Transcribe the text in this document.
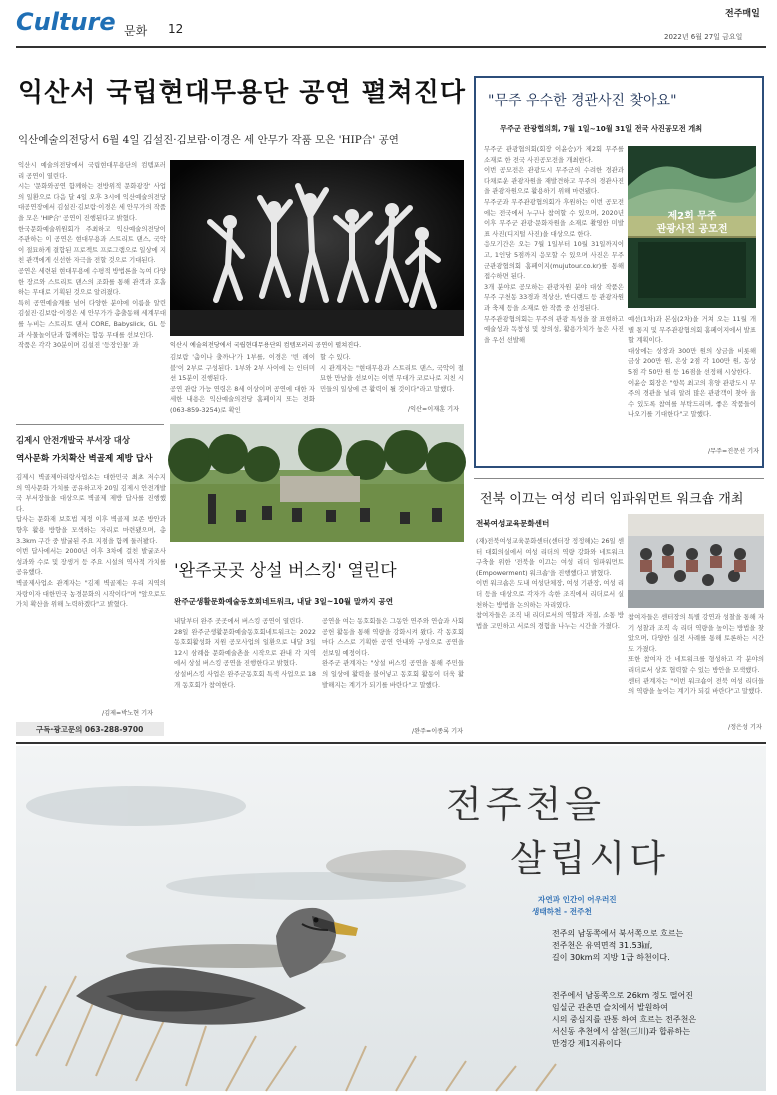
Culture 문화 12
전주매일
2022년 6월 27일 금요일
익산서 국립현대무용단 공연 펼쳐진다
익산예술의전당서 6월 4일 김설진·김보람·이경은 세 안무가 작품 모은 'HIP合' 공연
익산시 예술의전당에서 국립현대무용단의 컴템포러리 공연이 열린다.
시는 '문화와공연 함께하는 전방위적 문화광장' 사업의 일환으로 다음 달 4일 오후 3시에 익산예술의전당 대공연장에서 김설진·김보람·이경은 세 안무가의 작품을 모은 'HIP合' 공연이 진행된다고 밝혔다.
한국문화예술위원회가 주최하고 익산예술의전당이 주관하는 이 공연은 현대무용과 스트리트 댄스, 국악이 절묘하게 결합된 프로젝트 프로그램으로 일상에 지친 관객에게 신선한 자극을 전할 것으로 기대된다.
공연은 세련된 현대무용에 수평적 방법론을 녹여 다양한 장르와 스트리트 댄스의 조화를 통해 관객과 호흡하는 무대로 기획된 것으로 알려졌다.
특히 공연예술계를 넘어 다양한 분야에 이름을 알린 김설진·김보람·이경은 세 안무가가 총출동해 세계무대를 누비는 스트리트 댄서 CORE, Babyslick, GL 등과 사물놀이단과 함께하는 합동 무대를 선보인다.
작품은 각각 30분이며 김설진 '등장인물' 과	익산시 예술의전당에서 국립현대무용단의 컴템포러리 공연이 펼쳐진다.
김보람 '춤이나 출까나'가 1부를, 이경은 '빈 레이블'이 2부로 구성된다. 1부와 2부 사이에 는 인터미션 15분이 진행된다.
공연 관람 가능 연령은 8세 이상이며 공연에 대한 자세한 내용은 익산예술의전당 홈페이지 또는 전화(063-859-3254)로 확인
할 수 있다.
시 관계자는 "현대무용과 스트리트 댄스, 국악이 절묘한 만남을 선보이는 이번 무대가 코로나로 지친 시민들의 일상에 큰 활력이 될 것이다"라고 말했다.
/익산=이재훈 기자
김제시 안전개발국 부서장 대상
역사문화 가치확산 벽골제 제방 답사
김제시 벽골제아리랑사업소는 대한민국 최초 저수지의 역사문화 가치를 공유하고자 20일 김제시 안전개발국 부서장들을 대상으로 벽골제 제방 답사를 진행했다.
답사는 문화재 보호법 제정 이후 벽골제 보존 방안과 향후 활용 방향을 모색하는 자리로 마련됐으며, 총 3.3km 구간 중 발굴된 주요 지점을 함께 둘러봤다.
이번 답사에서는 2000년 이후 3차에 걸친 발굴조사 성과와 수로 및 장생거 등 주요 시설의 역사적 가치를 공유했다.
벽골제사업소 관계자는 "김제 벽골제는 우리 지역의 자랑이자 대한민국 농경문화의 시작이다"며 "앞으로도 가치 확산을 위해 노력하겠다"고 밝혔다.
/김제=박노현 기자
구독·광고문의 063-288-9700
'완주곳곳 상설 버스킹' 열린다
완주군생활문화예술동호회네트워크, 내달 3일~10월 말까지 공연
내달부터 완주 곳곳에서 버스킹 공연이 열린다.
28일 완주군생활문화예술동호회네트워크는 2022 동호회활성화 지원 공모사업의 일환으로 내달 3일 12시 삼례읍 문화예술촌을 시작으로 관내 각 지역에서 상설 버스킹 공연을 진행한다고 밝혔다.
상설버스킹 사업은 완주군동호회 특색 사업으로 18개 동호회가 참여한다.
공연을 여는 동호회들은 그동안 연주와 연습과 사회공헌 활동을 통해 역량을 강화시켜 왔다. 각 동호회마다 스스로 기획한 공연 안내와 구성으로 공연을 선보일 예정이다.
완주군 관계자는 "상설 버스킹 공연을 통해 주민들의 일상에 활력을 불어넣고 동호회 활동이 더욱 활발해지는 계기가 되기를 바란다"고 말했다.
/완주=이종록 기자
"무주 우수한 경관사진 찾아요"
무주군 관광협의회, 7월 1일~10월 31일 전국 사진공모전 개최
무주군 관광협의회(회장 이윤승)가 제2회 무주를 소재로 한 전국 사진공모전을 개최한다.
이번 공모전은 관광도시 무주군의 수려한 경관과 다채로운 관광자원을 재발견하고 무주의 경관사진을 관광자원으로 활용하기 위해 마련됐다.
무주군과 무주관광협의회가 후원하는 이번 공모전에는 전국에서 누구나 참여할 수 있으며, 2020년 이후 무주군 관광·문화자원을 소재로 촬영한 미발표 사진(디지털 사진)을 대상으로 한다.
응모기간은 오는 7월 1일부터 10월 31일까지이고, 1인당 5점까지 응모할 수 있으며 사진은 무주군관광협의회 홈페이지(mujutour.co.kr)를 통해 접수하면 된다.
3개 분야로 공모하는 관광자원 분야 대상 작품은 무주 구천동 33경과 적상산, 반디랜드 등 관광자원과 축제 등을 소재로 한 작품 중 선정된다.
무주관광협의회는 무주의 관광 특성을 잘 표현하고 예술성과 독창성 및 창의성, 활용가치가 높은 사진을 우선 선발해
제2회 무주
관광사진 공모전
예선(1차)과 본심(2차)을 거쳐 오는 11월 개별 통지 및 무주관광협의회 홈페이지에서 발표할 계획이다.
대상에는 상장과 300만 원의 상금을 비롯해 금상 200만 원, 은상 2점 각 100만 원, 동상 5점 각 50만 원 등 16점을 선정해 시상한다.
이윤승 회장은 "항목 최고의 휴양 관광도시 무주의 경관을 널리 알려 많은 관광객이 찾아 올 수 있도록 참여를 부탁드리며, 좋은 작품들이 나오기를 기대한다"고 말했다.
/무주=진문선 기자
전북 이끄는 여성 리더 임파워먼트 워크숍 개최
전북여성교육문화센터
(재)전북여성교육문화센터(센터장 정정해)는 26일 센터 대회의실에서 여성 리더의 역량 강화와 네트워크 구축을 위한 '전북을 이끄는 여성 리더 임파워먼트(Empowerment) 워크숍'을 진행했다고 밝혔다.
이번 워크숍은 도내 여성단체장, 여성 기관장, 여성 리더 등을 대상으로 각자가 속한 조직에서 리더로서 실천하는 방법을 논의하는 자리였다.
참여자들은 조직 내 리더로서의 역할과 자질, 소통 방법을 고민하고 서로의 경험을 나누는 시간을 가졌다.
참여자들은 센터장의 특별 강연과 성찰을 통해 자기 성찰과 조직 속 리더 역량을 높이는 방법을 찾았으며, 다양한 실전 사례를 통해 토론하는 시간도 가졌다.
또한 참여자 간 네트워크를 형성하고 각 분야의 리더로서 상호 협력할 수 있는 방안을 모색했다.
센터 관계자는 "이번 워크숍이 전북 여성 리더들의 역량을 높이는 계기가 되길 바란다"고 말했다.
/정은성 기자
전주천을
살립시다
자연과 인간이 어우러진
생태하천 - 전주천
전주의 남동쪽에서 북서쪽으로 흐르는
전주천은 유역면적 31.53㎢,
길이 30km의 지방 1급 하천이다.
전주에서 남동쪽으로 26km 정도 떨어진
임실군 관촌면 슬치에서 발원하여
시의 중심지를 관통 하여 흐르는 전주천은
서신동 추천에서 삼천(三川)과 합류하는
만경강 제1지류이다
